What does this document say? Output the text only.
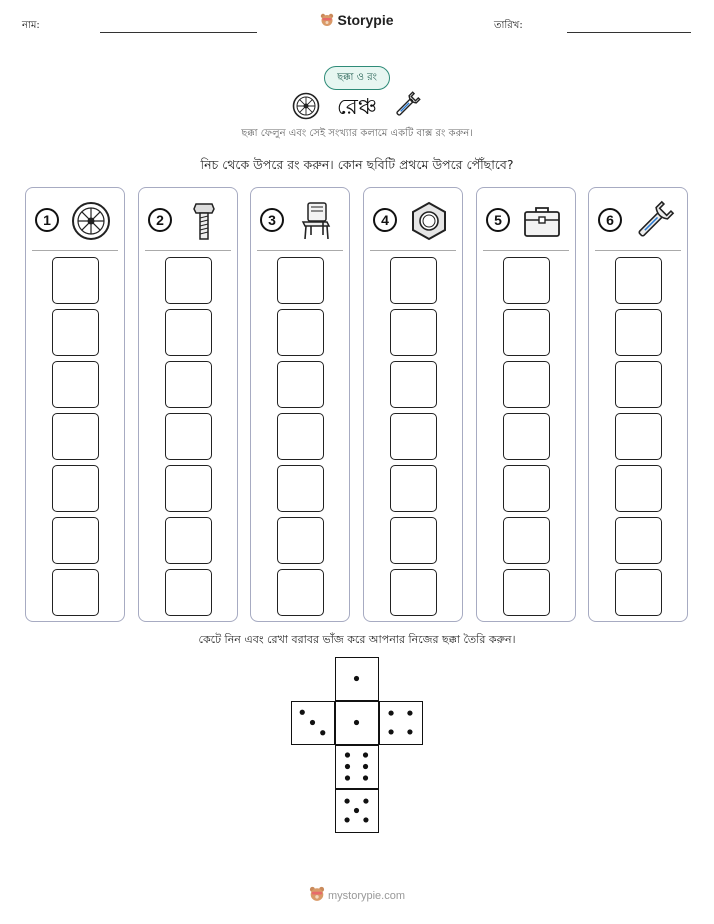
নাম:	Storypie	তারিখ:
ছক্কা ও রং
রেঞ্চ
ছক্কা ফেলুন এবং সেই সংখ্যার কলামে একটি বাক্স রং করুন।
নিচ থেকে উপরে রং করুন। কোন ছবিটি প্রথমে উপরে পৌঁছাবে?
1	2	3	4	5	6
কেটে নিন এবং রেখা বরাবর ভাঁজ করে আপনার নিজের ছক্কা তৈরি করুন।
mystorypie.com
